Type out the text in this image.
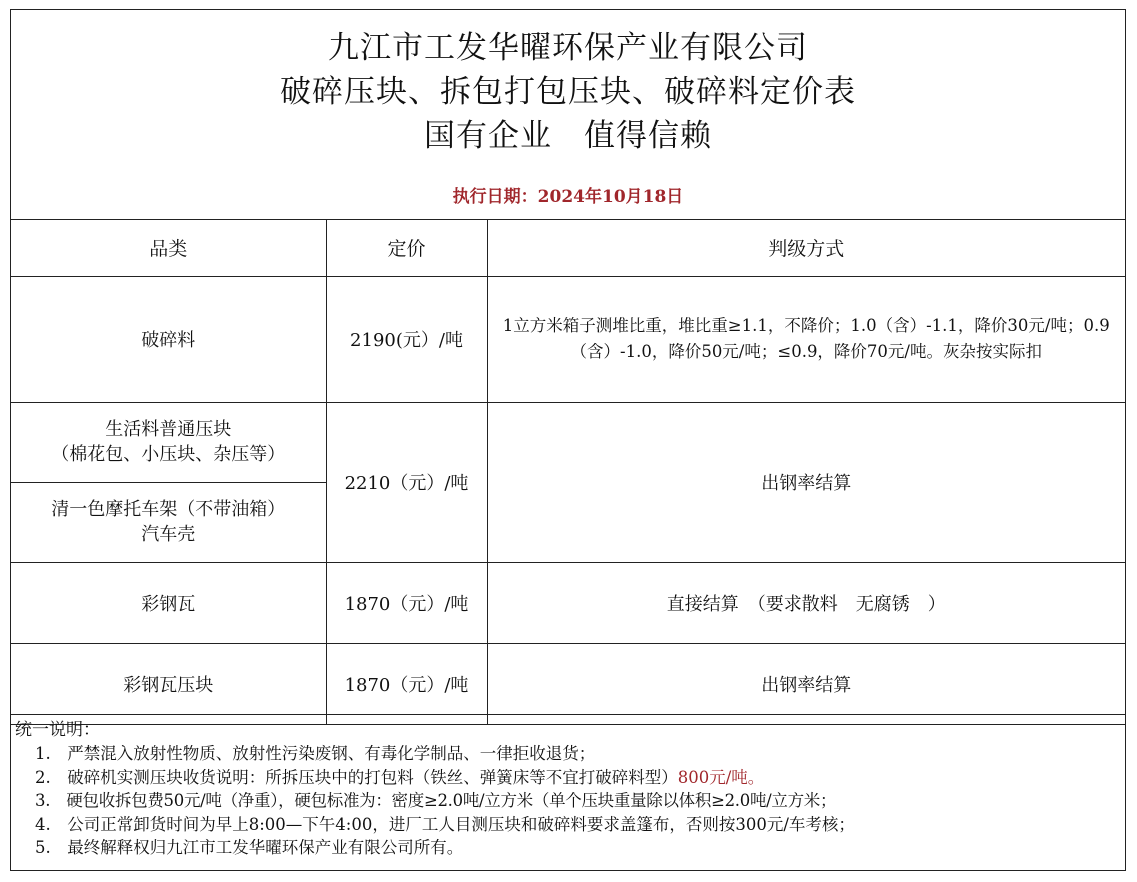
九江市工发华曜环保产业有限公司
破碎压块、拆包打包压块、破碎料定价表
国有企业　值得信赖
执行日期：2024年10月18日
品类	定价	判级方式
破碎料	2190(元）/吨	1立方米箱子测堆比重，堆比重≥1.1，不降价；1.0（含）-1.1，降价30元/吨；0.9（含）-1.0，降价50元/吨；≤0.9，降价70元/吨。灰杂按实际扣

生活料普通压块
（棉花包、小压块、杂压等）	2210（元）/吨	出钢率结算

清一色摩托车架（不带油箱）
汽车壳		

彩钢瓦	1870（元）/吨	直接结算　（要求散料　无腐锈　）
彩钢瓦压块	1870（元）/吨	出钢率结算
统一说明：
1.　严禁混入放射性物质、放射性污染废钢、有毒化学制品、一律拒收退货；
2.　破碎机实测压块收货说明：所拆压块中的打包料（铁丝、弹簧床等不宜打破碎料型）800元/吨。
3.　硬包收拆包费50元/吨（净重），硬包标准为：密度≥2.0吨/立方米（单个压块重量除以体积≥2.0吨/立方米；
4.　公司正常卸货时间为早上8:00—下午4:00，进厂工人目测压块和破碎料要求盖篷布，否则按300元/车考核；
5.　最终解释权归九江市工发华曜环保产业有限公司所有。
